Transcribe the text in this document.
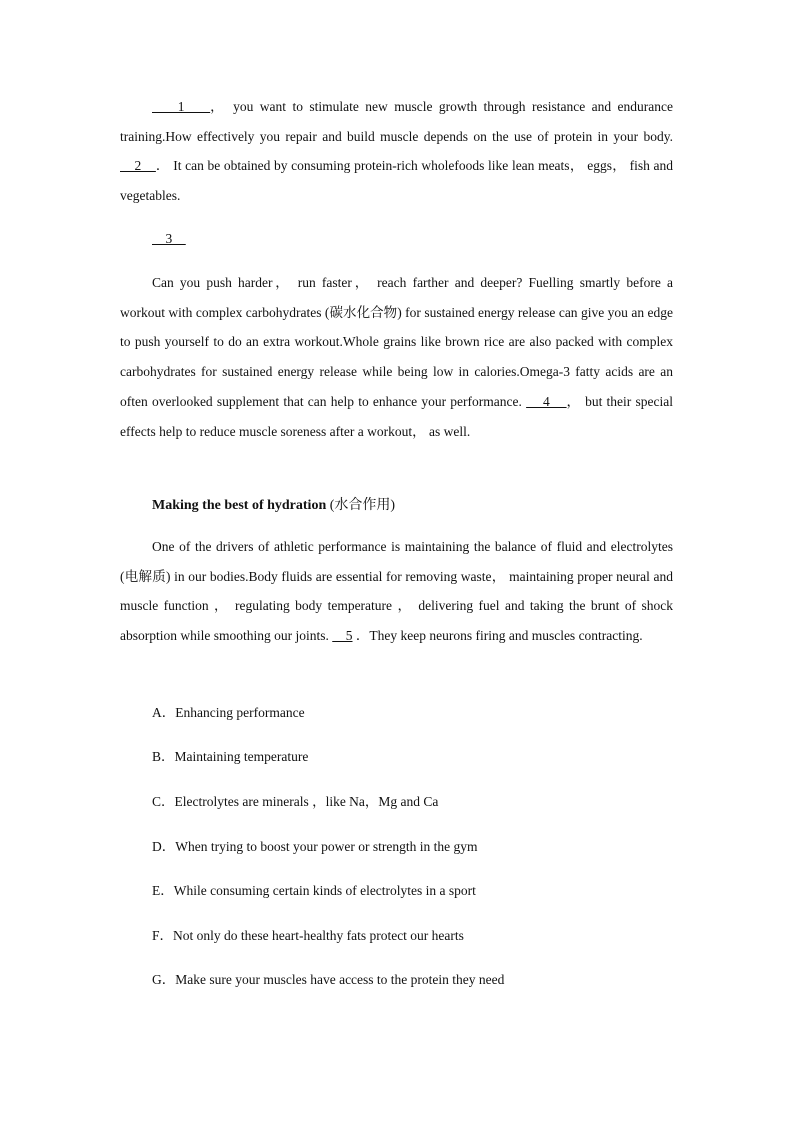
1    ， you want to stimulate new muscle growth through resistance and endurance training.How effectively you repair and build muscle depends on the use of protein in your body.    2    ． It can be obtained by consuming protein-rich wholefoods like lean meats， eggs， fish and vegetables.
3
Can you push harder， run faster， reach farther and deeper? Fuelling smartly before a workout with complex carbohydrates (碳水化合物) for sustained energy release can give you an edge to push yourself to do an extra workout.Whole grains like brown rice are also packed with complex carbohydrates for sustained energy release while being low in calories.Omega-3 fatty acids are an often overlooked supplement that can help to enhance your performance.     4    ， but their special effects help to reduce muscle soreness after a workout， as well.
Making the best of hydration (水合作用)
One of the drivers of athletic performance is maintaining the balance of fluid and electrolytes (电解质) in our bodies.Body fluids are essential for removing waste， maintaining proper neural and muscle function ， regulating body temperature ， delivering fuel and taking the brunt of shock absorption while smoothing our joints.     5 ．They keep neurons firing and muscles contracting.
A．Enhancing performance
B．Maintaining temperature
C．Electrolytes are minerals ，like Na，Mg and Ca
D．When trying to boost your power or strength in the gym
E．While consuming certain kinds of electrolytes in a sport
F．Not only do these heart-healthy fats protect our hearts
G．Make sure your muscles have access to the protein they need
